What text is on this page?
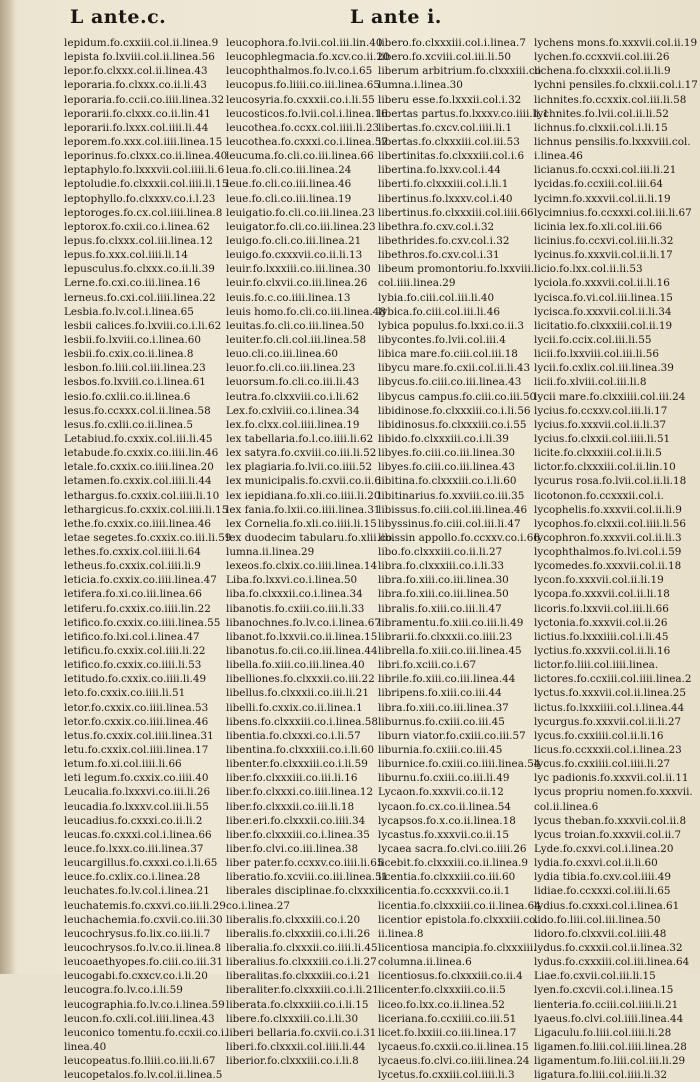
L ante.c.	L ante i.
lepidum.fo.cxxiii.col.ii.linea.9
lepista fo.lxviii.col.ii.linea.56
lepor.fo.clxxx.col.ii.linea.43
leporaria.fo.clxxx.co.ii.li.43
leporaria.fo.ccii.co.iiii.linea.32
leporarii.fo.clxxx.co.ii.lin.41
leporarii.fo.lxxx.col.iiii.li.44
leporem.fo.xxx.col.iiii.linea.15
leporinus.fo.clxxx.co.ii.linea.40
leptaphylo.fo.lxxxvii.col.iiii.li.6
leptoludie.fo.clxxxii.col.iiii.li.15
leptophyllo.fo.clxxxv.co.i.l.23
leptoroges.fo.cx.col.iiii.linea.8
leptorox.fo.cxii.co.i.linea.62
lepus.fo.clxxx.col.iii.linea.12
lepus.fo.xxx.col.iiii.li.14
lepusculus.fo.clxxx.co.ii.li.39
Lerne.fo.cxi.co.iii.linea.16
lerneus.fo.cxi.col.iiii.linea.22
Lesbia.fo.lv.col.i.linea.65
lesbii calices.fo.lxviii.co.i.li.62
lesbii.fo.lxviii.co.i.linea.60
lesbii.fo.cxix.co.ii.linea.8
lesbon.fo.liii.col.iii.linea.23
lesbos.fo.lxviii.co.i.linea.61
lesio.fo.cxlii.co.ii.linea.6
lesus.fo.ccxxx.col.ii.linea.58
lesus.fo.cxlii.co.ii.linea.5
Letabiud.fo.cxxix.col.iii.li.45
letabude.fo.cxxix.co.iiii.lin.46
letale.fo.cxxix.co.iiii.linea.20
letamen.fo.cxxix.col.iiii.li.44
lethargus.fo.cxxix.col.iiii.li.10
lethargicus.fo.cxxix.col.iiii.li.15
lethe.fo.cxxix.co.iiii.linea.46
letae segetes.fo.cxxix.co.iii.li.59
lethes.fo.cxxix.col.iiii.li.64
letheus.fo.cxxix.col.iiii.li.9
leticia.fo.cxxix.co.iiii.linea.47
letifera.fo.xi.co.iii.linea.66
letiferu.fo.cxxix.co.iiii.lin.22
letifico.fo.cxxix.co.iiii.linea.55
letifico.fo.lxi.col.i.linea.47
letificu.fo.cxxix.col.iiii.li.22
letifico.fo.cxxix.co.iiii.li.53
letitudo.fo.cxxix.co.iiii.li.49
leto.fo.cxxix.co.iiii.li.51
letor.fo.cxxix.co.iiii.linea.53
letor.fo.cxxix.co.iiii.linea.46
letus.fo.cxxix.col.iiii.linea.31
letu.fo.cxxix.col.iiii.linea.17
letum.fo.xi.col.iiii.li.66
leti legum.fo.cxxix.co.iiii.40
Leucalia.fo.lxxxvi.co.iii.li.26
leucadia.fo.lxxxv.col.iii.li.55
leucadius.fo.cxxxi.co.ii.li.2
leucas.fo.cxxxi.col.i.linea.66
leuce.fo.lxxx.co.iii.linea.37
leucargillus.fo.cxxxi.co.i.li.65
leuce.fo.cxlix.co.i.linea.28
leuchates.fo.lv.col.i.linea.21
leuchatemis.fo.cxxvi.co.iii.li.29
leuchachemia.fo.cxvii.co.iii.30
leucochrysus.fo.lix.co.iii.li.7
leucochrysos.fo.lv.co.ii.linea.8
leucoaethyopes.fo.ciii.co.iii.31
leucogabi.fo.cxxcv.co.i.li.20
leucogra.fo.lv.co.i.li.59
leucographia.fo.lv.co.i.linea.59
leucon.fo.cxli.col.iiii.linea.43
leuconico tomentu.fo.ccxii.co.i.
linea.40
leucopeatus.fo.lliii.co.iii.li.67
leucopetalos.fo.lv.col.ii.linea.5
leucophora.fo.lvii.col.iii.lin.40
leucophlegmacia.fo.xcv.co.ii.20
leucophthalmos.fo.lv.co.i.65
leucopus.fo.liiii.co.iii.linea.65
leucosyria.fo.cxxxii.co.i.li.55
leucosticos.fo.lvii.col.i.linea.16
leucothea.fo.ccxx.col.iiii.li.23
leucothea.fo.cxxxi.co.i.linea.57
leucuma.fo.cli.co.iii.linea.66
leua.fo.cli.co.iii.linea.24
leue.fo.cli.co.iii.linea.46
leue.fo.cli.co.iii.linea.19
leuigatio.fo.cli.co.iii.linea.23
leuigator.fo.cli.co.iii.linea.23
leuigo.fo.cli.co.iii.linea.21
leuigo.fo.cxxxvii.co.ii.li.13
leuir.fo.lxxxiii.co.iii.linea.30
leuir.fo.clxvii.co.iii.linea.26
leuis.fo.c.co.iiii.linea.13
leuis homo.fo.cli.co.iii.linea.48
leuitas.fo.cli.co.iii.linea.50
leuiter.fo.cli.col.iii.linea.58
leuo.cli.co.iii.linea.60
leuor.fo.cli.co.iii.linea.23
leuorsum.fo.cli.co.iii.li.43
leutra.fo.clxxviii.co.i.li.62
Lex.fo.cxlviii.co.i.linea.34
lex.fo.clxx.col.iiii.linea.19
lex tabellaria.fo.l.co.iiii.li.62
lex satyra.fo.cxviii.co.iii.li.52
lex plagiaria.fo.lvii.co.iiii.52
lex municipalis.fo.cxvii.co.ii.6
lex iepidiana.fo.xli.co.iiii.li.20
lex fania.fo.lxii.co.iiii.linea.31
lex Cornelia.fo.xli.co.iiii.li.15
lex duodecim tabularu.fo.xlii.co.
lumna.ii.linea.29
lexeos.fo.clxix.co.iiii.linea.14
Liba.fo.lxxvi.co.i.linea.50
liba.fo.clxxxii.co.i.linea.34
libanotis.fo.cxiii.co.iii.li.33
libanochnes.fo.lv.co.i.linea.67
libanot.fo.lxxvii.co.ii.linea.15
libanotus.fo.cii.co.iii.linea.44
libella.fo.xiii.co.iii.linea.40
libelliones.fo.clxxxii.co.iii.22
libellus.fo.clxxxii.co.iii.li.21
libelli.fo.cxxix.co.ii.linea.1
libens.fo.clxxxiii.co.i.linea.58
libentia.fo.clxxxi.co.i.li.57
libentina.fo.clxxxiii.co.i.li.60
libenter.fo.clxxxiii.co.i.li.59
liber.fo.clxxxiii.co.iii.li.16
liber.fo.clxxxi.co.iiii.linea.12
liber.fo.clxxxii.co.iii.li.18
liber.eri.fo.clxxxii.co.iiii.34
liber.fo.clxxxiii.co.i.linea.35
liber.fo.clvi.co.iii.linea.38
liber pater.fo.ccxxv.co.iiii.li.65
liberatio.fo.xcviii.co.iii.linea.51
liberales disciplinae.fo.clxxxii.
co.i.linea.27
liberalis.fo.clxxxiii.co.i.20
liberalis.fo.clxxxiii.co.i.li.26
liberalia.fo.clxxxii.co.iiii.li.45
liberalius.fo.clxxxiii.co.i.li.27
liberalitas.fo.clxxxiii.co.i.21
liberaliter.fo.clxxxiii.co.i.li.21
liberata.fo.clxxxiii.co.i.li.15
libere.fo.clxxxiii.co.i.li.30
liberi bellaria.fo.cxvii.co.i.31
liberi.fo.clxxxii.col.iiii.li.44
liberior.fo.clxxxiii.co.i.li.8
libero.fo.clxxxiii.col.i.linea.7
libero.fo.xcviii.col.iii.li.50
liberum arbitrium.fo.clxxxiii.co
lumna.i.linea.30
liberu esse.fo.lxxxii.col.i.32
libertas partus.fo.lxxxv.co.iiii.li.1
libertas.fo.cxcv.col.iiii.li.1
libertas.fo.clxxxiii.col.iii.53
libertinitas.fo.clxxxiii.col.i.6
libertina.fo.lxxv.col.i.44
liberti.fo.clxxxiii.col.i.li.1
libertinus.fo.lxxxv.col.i.40
libertinus.fo.clxxxiii.col.iiii.66
libethra.fo.cxv.col.i.32
libethrides.fo.cxv.col.i.32
libethros.fo.cxv.col.i.31
libeum promontoriu.fo.lxxviii.
col.iiii.linea.29
lybia.fo.ciii.col.iii.li.40
lybica.fo.ciii.col.iii.li.46
lybica populus.fo.lxxi.co.ii.3
libycontes.fo.lvii.col.iii.4
libica mare.fo.ciii.col.iii.18
libycu mare.fo.cxii.col.ii.li.43
libycus.fo.ciii.co.iii.linea.43
libycus campus.fo.ciii.co.iii.50
libidinose.fo.clxxxiii.co.i.li.56
libidinosus.fo.clxxxiii.co.i.55
libido.fo.clxxxiii.co.i.li.39
libyes.fo.ciii.co.iii.linea.30
libyes.fo.ciii.co.iii.linea.43
libitina.fo.clxxxiii.co.i.li.60
libitinarius.fo.xxviii.co.iii.35
libissus.fo.ciii.col.iii.linea.46
libyssinus.fo.ciii.col.iii.li.47
libissin appollo.fo.ccxxv.co.i.66
libo.fo.clxxxiii.co.ii.li.27
libra.fo.clxxxiii.co.i.li.33
libra.fo.xiii.co.iii.linea.30
libra.fo.xiii.co.iii.linea.50
libralis.fo.xiii.co.iii.li.47
libramentu.fo.xiii.co.iii.li.49
librarii.fo.clxxxii.co.iiii.23
librella.fo.xiii.co.iii.linea.45
libri.fo.xciii.co.i.67
librile.fo.xiii.co.iii.linea.44
libripens.fo.xiii.co.iii.44
libra.fo.xiii.co.iii.linea.37
liburnus.fo.cxiii.co.iii.45
liburn viator.fo.cxiii.co.iii.57
liburnia.fo.cxiii.co.iii.45
liburnice.fo.cxiii.co.iiii.linea.54
liburnu.fo.cxiii.co.iii.li.49
Lycaon.fo.xxxvii.co.ii.12
lycaon.fo.cx.co.ii.linea.54
lycapsos.fo.x.co.ii.linea.18
lycastus.fo.xxxvii.co.ii.15
lycaea sacra.fo.clvi.co.iiii.26
licebit.fo.clxxxiii.co.ii.linea.9
licentia.fo.clxxxiii.co.iii.60
licentia.fo.ccxxxvii.co.ii.1
licentia.fo.clxxxiii.co.ii.linea.64
licentior epistola.fo.clxxxiii.co.
ii.linea.8
licentiosa mancipia.fo.clxxxiii.
columna.ii.linea.6
licentiosus.fo.clxxxiii.co.ii.4
licenter.fo.clxxxiii.co.ii.5
liceo.fo.lxx.co.ii.linea.52
liceriana.fo.ccxiiii.co.iii.51
licet.fo.lxxiii.co.iii.linea.17
lycaeus.fo.cxxii.co.ii.linea.15
lycaeus.fo.clvi.co.iiii.linea.24
lycetus.fo.cxxiii.col.iiii.li.3
lychens mons.fo.xxxvii.col.ii.19
lychen.fo.ccxxvii.col.iii.26
lichena.fo.clxxxii.col.ii.li.9
lychni pensiles.fo.clxxii.col.i.17
lichnites.fo.ccxxix.col.iii.li.58
lychnites.fo.lvii.col.ii.li.52
lichnus.fo.clxxii.col.i.li.15
lichnus pensilis.fo.lxxxviii.col.
i.linea.46
licianus.fo.ccxxi.col.iii.li.21
lycidas.fo.ccxiii.col.iii.64
lycimn.fo.xxxvii.col.ii.li.19
lycimnius.fo.ccxxxi.col.iii.li.67
licinia lex.fo.xli.col.iii.66
licinius.fo.ccxvi.col.iii.li.32
lycinus.fo.xxxvii.col.ii.li.17
licio.fo.lxx.col.ii.li.53
lyciola.fo.xxxvii.col.ii.li.16
lycisca.fo.vi.col.iii.linea.15
lycisca.fo.xxxvii.col.ii.li.34
licitatio.fo.clxxxiii.col.ii.19
lycii.fo.ccix.col.iii.li.55
licii.fo.lxxviii.col.iii.li.56
lycii.fo.cxlix.col.iii.linea.39
licii.fo.xlviii.col.iii.li.8
lycii mare.fo.clxxiiii.col.iii.24
lycius.fo.ccxxv.col.iii.li.17
lycius.fo.xxxvii.col.ii.li.37
lycius.fo.clxxii.col.iiii.li.51
licite.fo.clxxxiii.col.ii.li.5
lictor.fo.clxxxiii.col.ii.lin.10
lycurus rosa.fo.lvii.col.ii.li.18
licotonon.fo.ccxxxii.col.i.
lycophelis.fo.xxxvii.col.ii.li.9
lycophos.fo.clxxii.col.iiii.li.56
lycophron.fo.xxxvii.col.ii.li.3
lycophthalmos.fo.lvi.col.i.59
lycomedes.fo.xxxvii.col.ii.18
lycon.fo.xxxvii.col.ii.li.19
lycopa.fo.xxxvii.col.ii.li.18
licoris.fo.lxxvii.col.iii.li.66
lyctonia.fo.xxxvii.col.ii.26
lictius.fo.lxxxiiii.col.i.li.45
lyctius.fo.xxxvii.col.ii.li.16
lictor.fo.liii.col.iiii.linea.
lictores.fo.ccxiii.col.iiii.linea.2
lyctus.fo.xxxvii.col.ii.linea.25
lictus.fo.lxxxiiii.col.i.linea.44
lycurgus.fo.xxxvii.col.ii.li.27
lycus.fo.cxxiiii.col.ii.li.16
licus.fo.ccxxxii.col.i.linea.23
lycus.fo.cxxiiii.col.iiii.li.27
lyc padionis.fo.xxxvii.col.ii.11
lycus propriu nomen.fo.xxxvii.
col.ii.linea.6
lycus theban.fo.xxxvii.col.ii.8
lycus troian.fo.xxxvii.col.ii.7
Lyde.fo.cxxvi.col.i.linea.20
lydia.fo.cxxvi.col.ii.li.60
lydia tibia.fo.cxv.col.iiii.49
lidiae.fo.ccxxxi.col.iii.li.65
lydius.fo.cxxxi.col.i.linea.61
lido.fo.liii.col.iii.linea.50
lidoro.fo.clxxvii.col.iiii.48
lydus.fo.cxxxii.col.ii.linea.32
lydus.fo.cxxxiii.col.iii.linea.64
Liae.fo.cxvii.col.iii.li.15
lyen.fo.cxcvii.col.i.linea.15
lienteria.fo.cciii.col.iiii.li.21
lyaeus.fo.clvi.col.iiii.linea.44
Ligaculu.fo.liii.col.iiii.li.28
ligamen.fo.liii.col.iiii.linea.28
ligamentum.fo.liii.col.iii.li.29
ligatura.fo.liii.col.iiii.li.32
